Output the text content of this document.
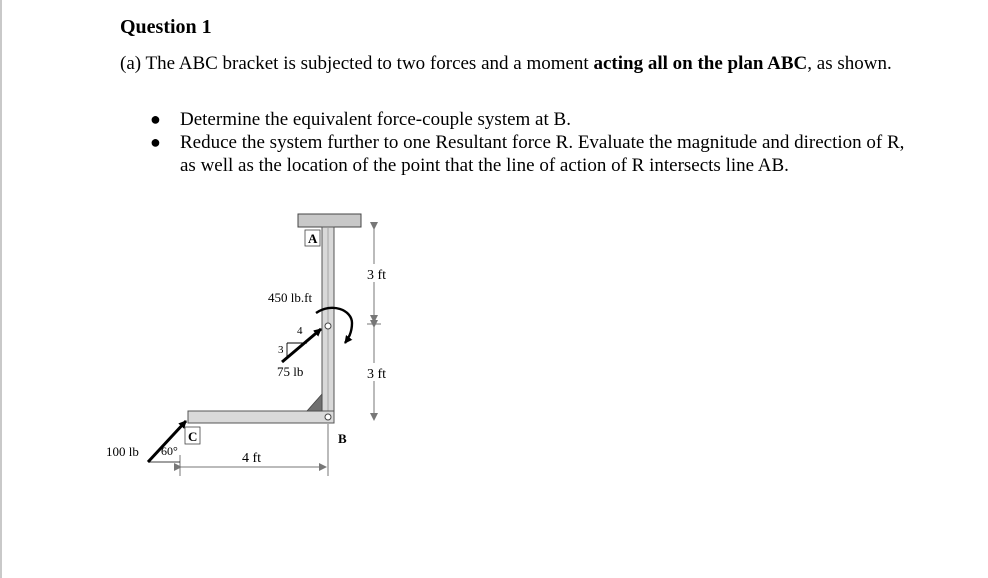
Question 1
(a) The ABC bracket is subjected to two forces and a moment acting all on the plan ABC, as shown.
● Determine the equivalent force-couple system at B.
● Reduce the system further to one Resultant force R. Evaluate the magnitude and direction of R, as well as the location of the point that the line of action of R intersects line AB.
450 lb.ft
4
3
75 lb
A
B
C
3 ft
3 ft
4 ft
100 lb 60°
